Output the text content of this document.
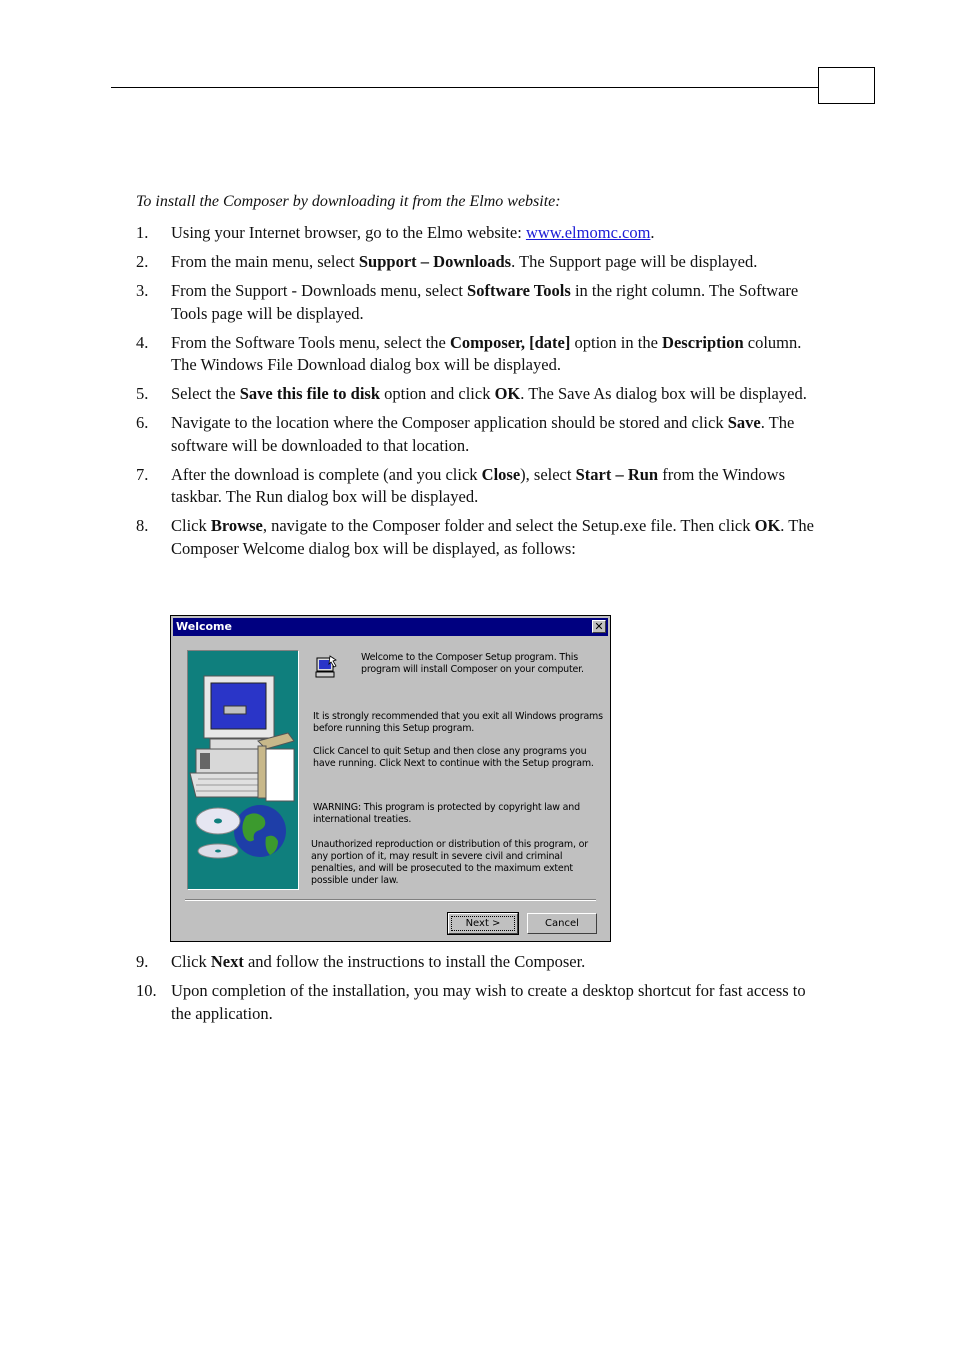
To install the Composer by downloading it from the Elmo website:
1. Using your Internet browser, go to the Elmo website: www.elmomc.com.
2. From the main menu, select Support – Downloads. The Support page will be displayed.
3. From the Support - Downloads menu, select Software Tools in the right column. The Software Tools page will be displayed.
4. From the Software Tools menu, select the Composer, [date] option in the Description column. The Windows File Download dialog box will be displayed.
5. Select the Save this file to disk option and click OK. The Save As dialog box will be displayed.
6. Navigate to the location where the Composer application should be stored and click Save. The software will be downloaded to that location.
7. After the download is complete (and you click Close), select Start – Run from the Windows taskbar. The Run dialog box will be displayed.
8. Click Browse, navigate to the Composer folder and select the Setup.exe file. Then click OK. The Composer Welcome dialog box will be displayed, as follows:
Welcome	✕
Welcome to the Composer Setup program. This program will install Composer on your computer.
It is strongly recommended that you exit all Windows programs before running this Setup program.
Click Cancel to quit Setup and then close any programs you have running. Click Next to continue with the Setup program.
WARNING: This program is protected by copyright law and international treaties.
Unauthorized reproduction or distribution of this program, or any portion of it, may result in severe civil and criminal penalties, and will be prosecuted to the maximum extent possible under law.
Next >	Cancel
9. Click Next and follow the instructions to install the Composer.
10. Upon completion of the installation, you may wish to create a desktop shortcut for fast access to the application.
